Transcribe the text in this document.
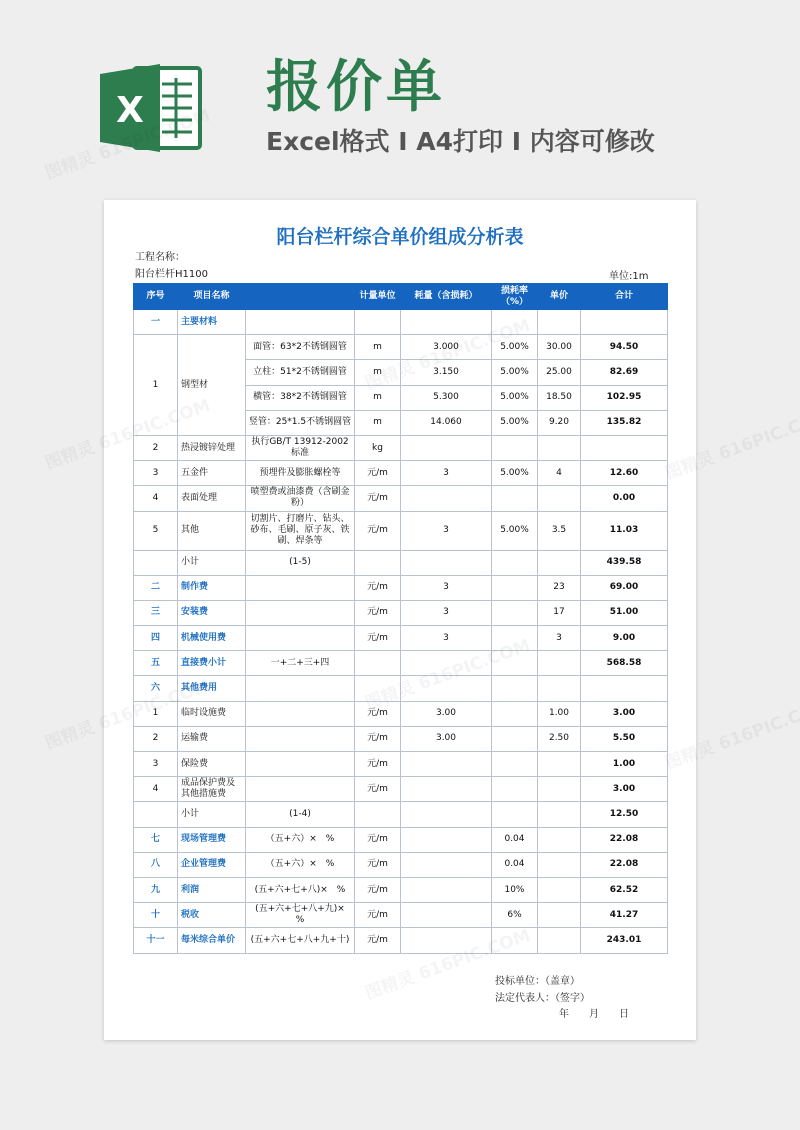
X 报价单
Excel格式 I A4打印 I 内容可修改
阳台栏杆综合单价组成分析表
工程名称：
阳台栏杆H1100	单位:1m
序号	项目名称		计量单位	耗量（含损耗）	损耗率（%）	单价	合计
一	主要材料						
1	钢型材	面管：63*2不锈钢圆管	m	3.000	5.00%	30.00	94.50
		立柱：51*2不锈钢圆管	m	3.150	5.00%	25.00	82.69
		横管：38*2不锈钢圆管	m	5.300	5.00%	18.50	102.95
		竖管：25*1.5不锈钢圆管	m	14.060	5.00%	9.20	135.82
2	热浸镀锌处理	执行GB/T 13912-2002标准	kg				
3	五金件	预埋件及膨胀螺栓等	元/m	3	5.00%	4	12.60
4	表面处理	喷塑费或油漆费（含刷金粉）	元/m				0.00
5	其他	切割片、打磨片、钻头、砂布、毛刷、原子灰、铁刷、焊条等	元/m	3	5.00%	3.5	11.03
	小计	(1-5)					439.58
二	制作费		元/m	3		23	69.00
三	安装费		元/m	3		17	51.00
四	机械使用费		元/m	3		3	9.00
五	直接费小计	一+二+三+四					568.58
六	其他费用						
1	临时设施费		元/m	3.00		1.00	3.00
2	运输费		元/m	3.00		2.50	5.50
3	保险费		元/m				1.00
4	成品保护费及其他措施费		元/m				3.00
	小计	(1-4)					12.50
七	现场管理费	（五+六）×　%	元/m		0.04		22.08
八	企业管理费	（五+六）×　%	元/m		0.04		22.08
九	利润	(五+六+七+八)×　%	元/m		10%		62.52
十	税收	(五+六+七+八+九)×　%	元/m		6%		41.27
十一	每米综合单价	(五+六+七+八+九+十)	元/m				243.01
投标单位：（盖章）
法定代表人：（签字）
年　　月　　日
